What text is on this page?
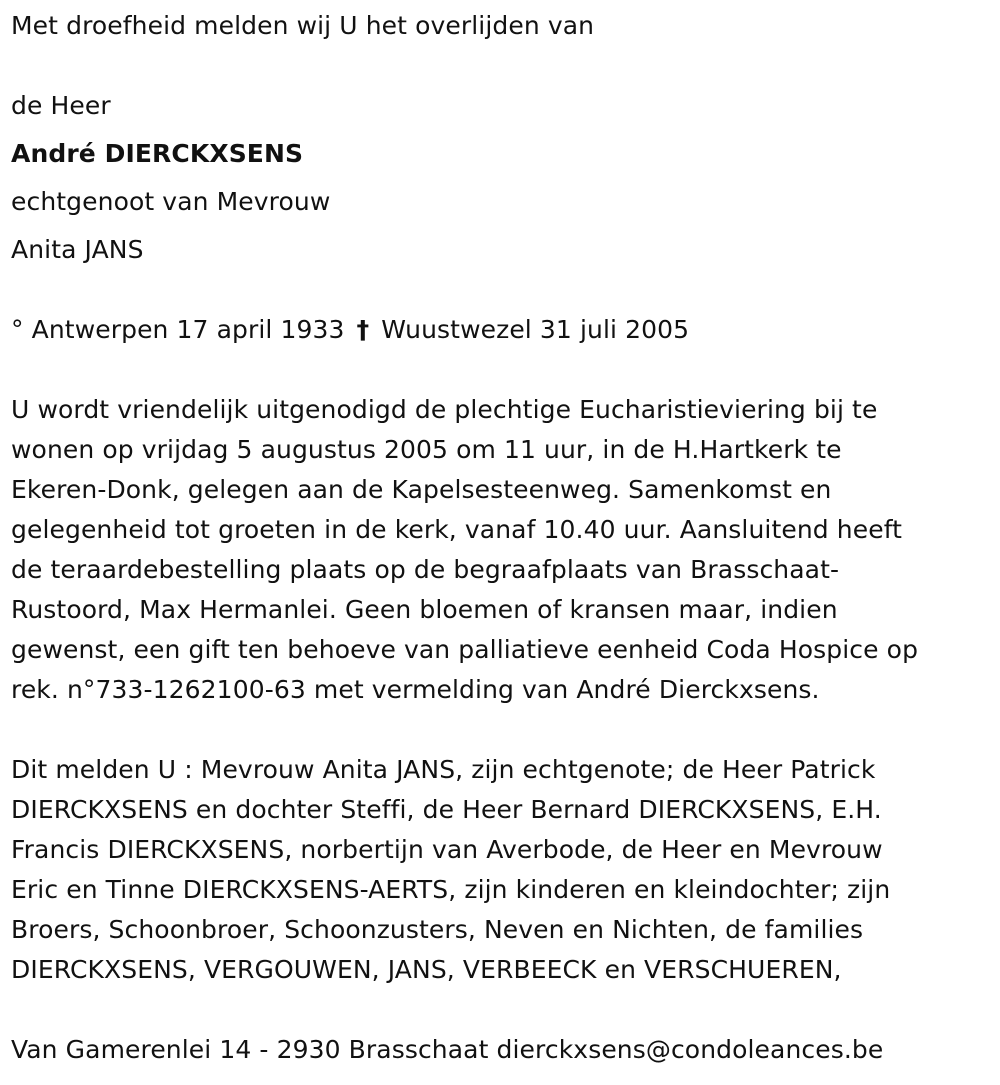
Met droefheid melden wij U het overlijden van
de Heer
André DIERCKXSENS
echtgenoot van Mevrouw
Anita JANS
° Antwerpen 17 april 1933 † Wuustwezel 31 juli 2005
U wordt vriendelijk uitgenodigd de plechtige Eucharistieviering bij te
wonen op vrijdag 5 augustus 2005 om 11 uur, in de H.Hartkerk te
Ekeren-Donk, gelegen aan de Kapelsesteenweg. Samenkomst en
gelegenheid tot groeten in de kerk, vanaf 10.40 uur. Aansluitend heeft
de teraardebestelling plaats op de begraafplaats van Brasschaat-
Rustoord, Max Hermanlei. Geen bloemen of kransen maar, indien
gewenst, een gift ten behoeve van palliatieve eenheid Coda Hospice op
rek. n°733-1262100-63 met vermelding van André Dierckxsens.
Dit melden U : Mevrouw Anita JANS, zijn echtgenote; de Heer Patrick
DIERCKXSENS en dochter Steffi, de Heer Bernard DIERCKXSENS, E.H.
Francis DIERCKXSENS, norbertijn van Averbode, de Heer en Mevrouw
Eric en Tinne DIERCKXSENS-AERTS, zijn kinderen en kleindochter; zijn
Broers, Schoonbroer, Schoonzusters, Neven en Nichten, de families
DIERCKXSENS, VERGOUWEN, JANS, VERBEECK en VERSCHUEREN,
Van Gamerenlei 14 - 2930 Brasschaat dierckxsens@condoleances.be
